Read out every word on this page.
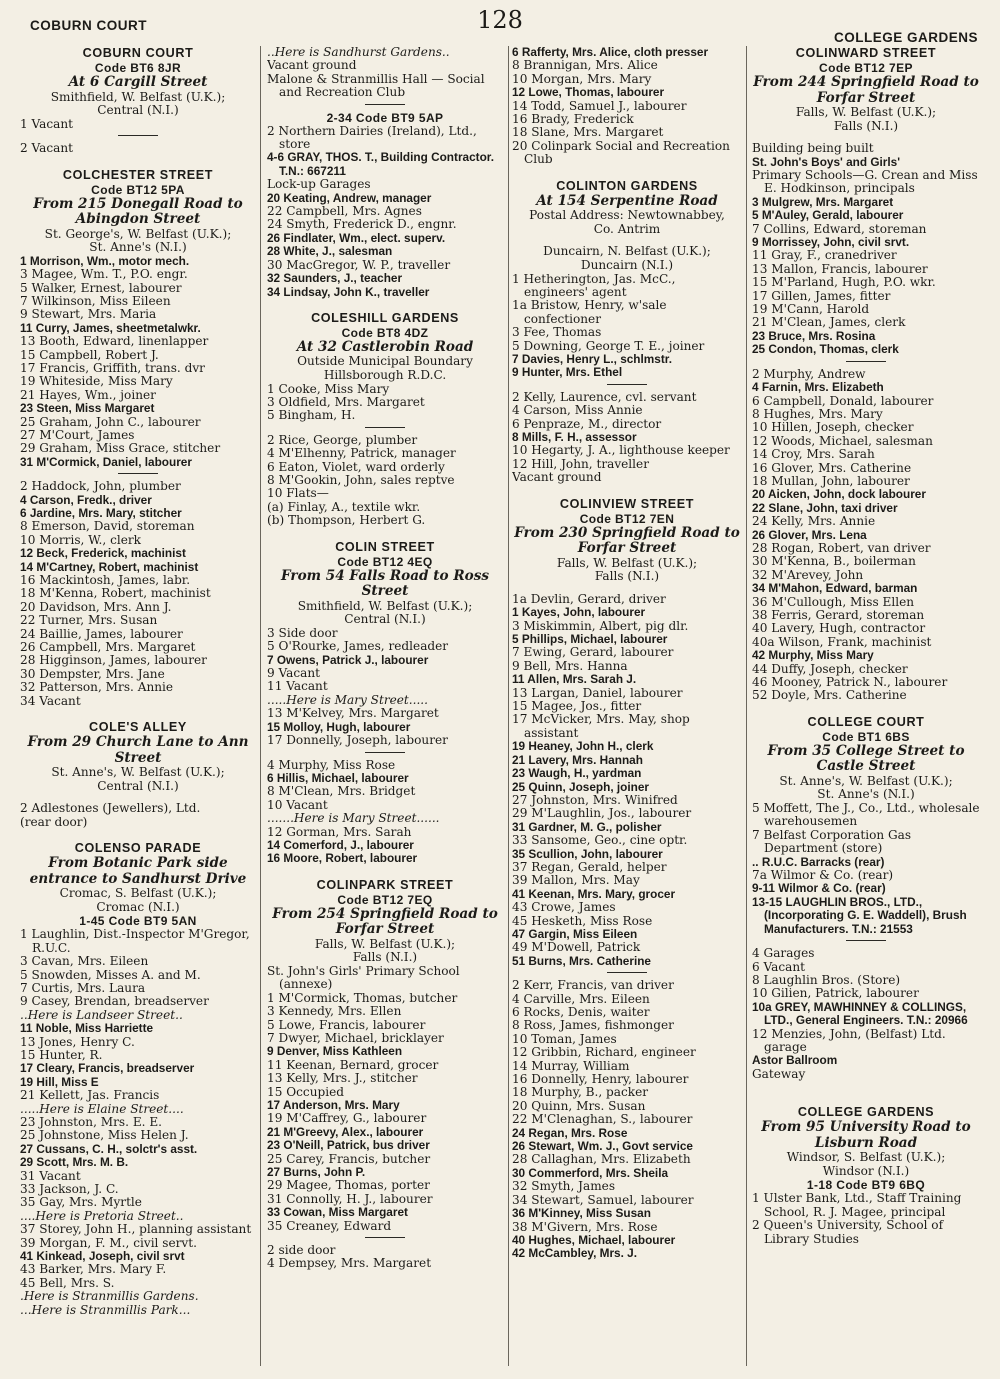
COBURN COURT	128
COLLEGE GARDENS
COBURN COURT
Code BT6 8JR
At 6 Cargill Street
Smithfield, W. Belfast (U.K.);
Central (N.I.)
1 Vacant
2 Vacant
COLCHESTER STREET
Code BT12 5PA
From 215 Donegall Road to
Abingdon Street
St. George's, W. Belfast (U.K.);
St. Anne's (N.I.)
1 Morrison, Wm., motor mech.
3 Magee, Wm. T., P.O. engr.
5 Walker, Ernest, labourer
7 Wilkinson, Miss Eileen
9 Stewart, Mrs. Maria
11 Curry, James, sheetmetalwkr.
13 Booth, Edward, linenlapper
15 Campbell, Robert J.
17 Francis, Griffith, trans. dvr
19 Whiteside, Miss Mary
21 Hayes, Wm., joiner
23 Steen, Miss Margaret
25 Graham, John C., labourer
27 M'Court, James
29 Graham, Miss Grace, stitcher
31 M'Cormick, Daniel, labourer
2 Haddock, John, plumber
4 Carson, Fredk., driver
6 Jardine, Mrs. Mary, stitcher
8 Emerson, David, storeman
10 Morris, W., clerk
12 Beck, Frederick, machinist
14 M'Cartney, Robert, machinist
16 Mackintosh, James, labr.
18 M'Kenna, Robert, machinist
20 Davidson, Mrs. Ann J.
22 Turner, Mrs. Susan
24 Baillie, James, labourer
26 Campbell, Mrs. Margaret
28 Higginson, James, labourer
30 Dempster, Mrs. Jane
32 Patterson, Mrs. Annie
34 Vacant
COLE'S ALLEY
From 29 Church Lane to Ann
Street
St. Anne's, W. Belfast (U.K.);
Central (N.I.)
2 Adlestones (Jewellers), Ltd.
(rear door)
COLENSO PARADE
From Botanic Park side
entrance to Sandhurst Drive
Cromac, S. Belfast (U.K.);
Cromac (N.I.)
1-45 Code BT9 5AN
1 Laughlin, Dist.-Inspector M'Gregor, R.U.C.
3 Cavan, Mrs. Eileen
5 Snowden, Misses A. and M.
7 Curtis, Mrs. Laura
9 Casey, Brendan, breadserver
..Here is Landseer Street..
11 Noble, Miss Harriette
13 Jones, Henry C.
15 Hunter, R.
17 Cleary, Francis, breadserver
19 Hill, Miss E
21 Kellett, Jas. Francis
.....Here is Elaine Street....
23 Johnston, Mrs. E. E.
25 Johnstone, Miss Helen J.
27 Cussans, C. H., solctr's asst.
29 Scott, Mrs. M. B.
31 Vacant
33 Jackson, J. C.
35 Gay, Mrs. Myrtle
....Here is Pretoria Street..
37 Storey, John H., planning assistant
39 Morgan, F. M., civil servt.
41 Kinkead, Joseph, civil srvt
43 Barker, Mrs. Mary F.
45 Bell, Mrs. S.
.Here is Stranmillis Gardens.
...Here is Stranmillis Park...
..Here is Sandhurst Gardens..
Vacant ground
Malone & Stranmillis Hall — Social and Recreation Club
2-34 Code BT9 5AP
2 Northern Dairies (Ireland), Ltd., store
4-6 GRAY, THOS. T., Building Contractor. T.N.: 667211
Lock-up Garages
20 Keating, Andrew, manager
22 Campbell, Mrs. Agnes
24 Smyth, Frederick D., engnr.
26 Findlater, Wm., elect. superv.
28 White, J., salesman
30 MacGregor, W. P., traveller
32 Saunders, J., teacher
34 Lindsay, John K., traveller
COLESHILL GARDENS
Code BT8 4DZ
At 32 Castlerobin Road
Outside Municipal Boundary
Hillsborough R.D.C.
1 Cooke, Miss Mary
3 Oldfield, Mrs. Margaret
5 Bingham, H.
2 Rice, George, plumber
4 M'Elhenny, Patrick, manager
6 Eaton, Violet, ward orderly
8 M'Gookin, John, sales reptve
10 Flats—
(a) Finlay, A., textile wkr.
(b) Thompson, Herbert G.
COLIN STREET
Code BT12 4EQ
From 54 Falls Road to Ross
Street
Smithfield, W. Belfast (U.K.);
Central (N.I.)
3 Side door
5 O'Rourke, James, redleader
7 Owens, Patrick J., labourer
9 Vacant
11 Vacant
.....Here is Mary Street.....
13 M'Kelvey, Mrs. Margaret
15 Molloy, Hugh, labourer
17 Donnelly, Joseph, labourer
4 Murphy, Miss Rose
6 Hillis, Michael, labourer
8 M'Clean, Mrs. Bridget
10 Vacant
.......Here is Mary Street......
12 Gorman, Mrs. Sarah
14 Comerford, J., labourer
16 Moore, Robert, labourer
COLINPARK STREET
Code BT12 7EQ
From 254 Springfield Road to
Forfar Street
Falls, W. Belfast (U.K.);
Falls (N.I.)
St. John's Girls' Primary School (annexe)
1 M'Cormick, Thomas, butcher
3 Kennedy, Mrs. Ellen
5 Lowe, Francis, labourer
7 Dwyer, Michael, bricklayer
9 Denver, Miss Kathleen
11 Keenan, Bernard, grocer
13 Kelly, Mrs. J., stitcher
15 Occupied
17 Anderson, Mrs. Mary
19 M'Caffrey, G., labourer
21 M'Greevy, Alex., labourer
23 O'Neill, Patrick, bus driver
25 Carey, Francis, butcher
27 Burns, John P.
29 Magee, Thomas, porter
31 Connolly, H. J., labourer
33 Cowan, Miss Margaret
35 Creaney, Edward
2 side door
4 Dempsey, Mrs. Margaret
6 Rafferty, Mrs. Alice, cloth presser
8 Brannigan, Mrs. Alice
10 Morgan, Mrs. Mary
12 Lowe, Thomas, labourer
14 Todd, Samuel J., labourer
16 Brady, Frederick
18 Slane, Mrs. Margaret
20 Colinpark Social and Recreation Club
COLINTON GARDENS
At 154 Serpentine Road
Postal Address: Newtownabbey,
Co. Antrim
Duncairn, N. Belfast (U.K.);
Duncairn (N.I.)
1 Hetherington, Jas. McC., engineers' agent
1a Bristow, Henry, w'sale confectioner
3 Fee, Thomas
5 Downing, George T. E., joiner
7 Davies, Henry L., schlmstr.
9 Hunter, Mrs. Ethel
2 Kelly, Laurence, cvl. servant
4 Carson, Miss Annie
6 Penpraze, M., director
8 Mills, F. H., assessor
10 Hegarty, J. A., lighthouse keeper
12 Hill, John, traveller
Vacant ground
COLINVIEW STREET
Code BT12 7EN
From 230 Springfield Road to
Forfar Street
Falls, W. Belfast (U.K.);
Falls (N.I.)
1a Devlin, Gerard, driver
1 Kayes, John, labourer
3 Miskimmin, Albert, pig dlr.
5 Phillips, Michael, labourer
7 Ewing, Gerard, labourer
9 Bell, Mrs. Hanna
11 Allen, Mrs. Sarah J.
13 Largan, Daniel, labourer
15 Magee, Jos., fitter
17 McVicker, Mrs. May, shop assistant
19 Heaney, John H., clerk
21 Lavery, Mrs. Hannah
23 Waugh, H., yardman
25 Quinn, Joseph, joiner
27 Johnston, Mrs. Winifred
29 M'Laughlin, Jos., labourer
31 Gardner, M. G., polisher
33 Sansome, Geo., cine optr.
35 Scullion, John, labourer
37 Regan, Gerald, helper
39 Mallon, Mrs. May
41 Keenan, Mrs. Mary, grocer
43 Crowe, James
45 Hesketh, Miss Rose
47 Gargin, Miss Eileen
49 M'Dowell, Patrick
51 Burns, Mrs. Catherine
2 Kerr, Francis, van driver
4 Carville, Mrs. Eileen
6 Rocks, Denis, waiter
8 Ross, James, fishmonger
10 Toman, James
12 Gribbin, Richard, engineer
14 Murray, William
16 Donnelly, Henry, labourer
18 Murphy, B., packer
20 Quinn, Mrs. Susan
22 M'Clenaghan, S., labourer
24 Regan, Mrs. Rose
26 Stewart, Wm. J., Govt service
28 Callaghan, Mrs. Elizabeth
30 Commerford, Mrs. Sheila
32 Smyth, James
34 Stewart, Samuel, labourer
36 M'Kinney, Miss Susan
38 M'Givern, Mrs. Rose
40 Hughes, Michael, labourer
42 McCambley, Mrs. J.
COLINWARD STREET
Code BT12 7EP
From 244 Springfield Road to
Forfar Street
Falls, W. Belfast (U.K.);
Falls (N.I.)
Building being built
St. John's Boys' and Girls'
Primary Schools—G. Crean and Miss E. Hodkinson, principals
3 Mulgrew, Mrs. Margaret
5 M'Auley, Gerald, labourer
7 Collins, Edward, storeman
9 Morrissey, John, civil srvt.
11 Gray, F., cranedriver
13 Mallon, Francis, labourer
15 M'Parland, Hugh, P.O. wkr.
17 Gillen, James, fitter
19 M'Cann, Harold
21 M'Clean, James, clerk
23 Bruce, Mrs. Rosina
25 Condon, Thomas, clerk
2 Murphy, Andrew
4 Farnin, Mrs. Elizabeth
6 Campbell, Donald, labourer
8 Hughes, Mrs. Mary
10 Hillen, Joseph, checker
12 Woods, Michael, salesman
14 Croy, Mrs. Sarah
16 Glover, Mrs. Catherine
18 Mullan, John, labourer
20 Aicken, John, dock labourer
22 Slane, John, taxi driver
24 Kelly, Mrs. Annie
26 Glover, Mrs. Lena
28 Rogan, Robert, van driver
30 M'Kenna, B., boilerman
32 M'Arevey, John
34 M'Mahon, Edward, barman
36 M'Cullough, Miss Ellen
38 Ferris, Gerard, storeman
40 Lavery, Hugh, contractor
40a Wilson, Frank, machinist
42 Murphy, Miss Mary
44 Duffy, Joseph, checker
46 Mooney, Patrick N., labourer
52 Doyle, Mrs. Catherine
COLLEGE COURT
Code BT1 6BS
From 35 College Street to
Castle Street
St. Anne's, W. Belfast (U.K.);
St. Anne's (N.I.)
5 Moffett, The J., Co., Ltd., wholesale warehousemen
7 Belfast Corporation Gas Department (store)
.. R.U.C. Barracks (rear)
7a Wilmor & Co. (rear)
9-11 Wilmor & Co. (rear)
13-15 LAUGHLIN BROS., LTD., (Incorporating G. E. Waddell), Brush Manufacturers. T.N.: 21553
4 Garages
6 Vacant
8 Laughlin Bros. (Store)
10 Gilien, Patrick, labourer
10a GREY, MAWHINNEY & COLLINGS, LTD., General Engineers. T.N.: 20966
12 Menzies, John, (Belfast) Ltd. garage
Astor Ballroom
Gateway
COLLEGE GARDENS
From 95 University Road to
Lisburn Road
Windsor, S. Belfast (U.K.);
Windsor (N.I.)
1-18 Code BT9 6BQ
1 Ulster Bank, Ltd., Staff Training School, R. J. Magee, principal
2 Queen's University, School of Library Studies
